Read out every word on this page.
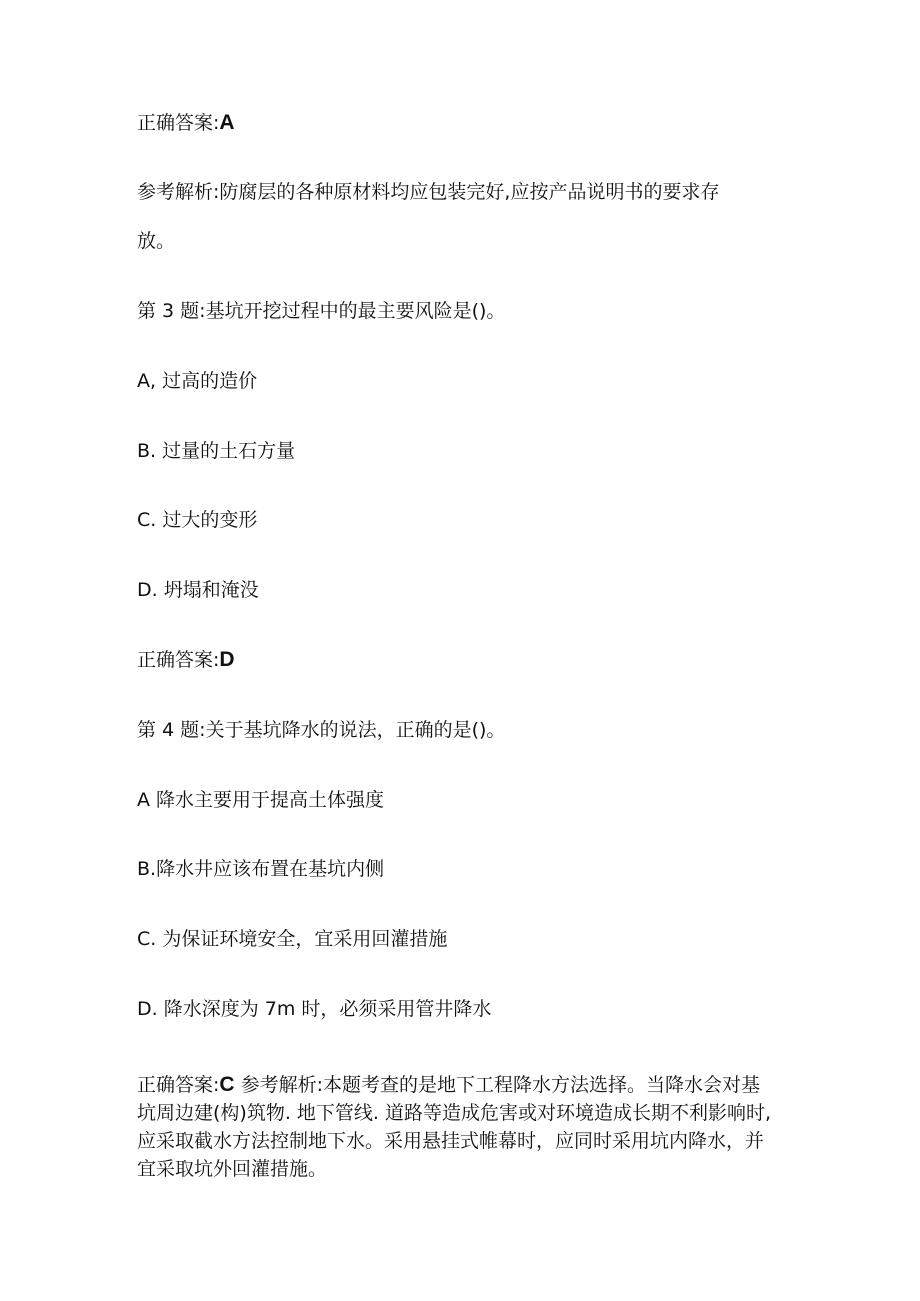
正确答案:A
参考解析:防腐层的各种原材料均应包装完好,应按产品说明书的要求存
放。
第 3 题:基坑开挖过程中的最主要风险是()。
A, 过高的造价
B. 过量的土石方量
C. 过大的变形
D. 坍塌和淹没
正确答案:D
第 4 题:关于基坑降水的说法，正确的是()。
A 降水主要用于提高土体强度
B.降水井应该布置在基坑内侧
C. 为保证环境安全，宜采用回灌措施
D. 降水深度为 7m 时，必须采用管井降水
正确答案:C 参考解析:本题考查的是地下工程降水方法选择。当降水会对基坑周边建(构)筑物. 地下管线. 道路等造成危害或对环境造成长期不利影响时,应采取截水方法控制地下水。采用悬挂式帷幕时，应同时采用坑内降水，并宜采取坑外回灌措施。
